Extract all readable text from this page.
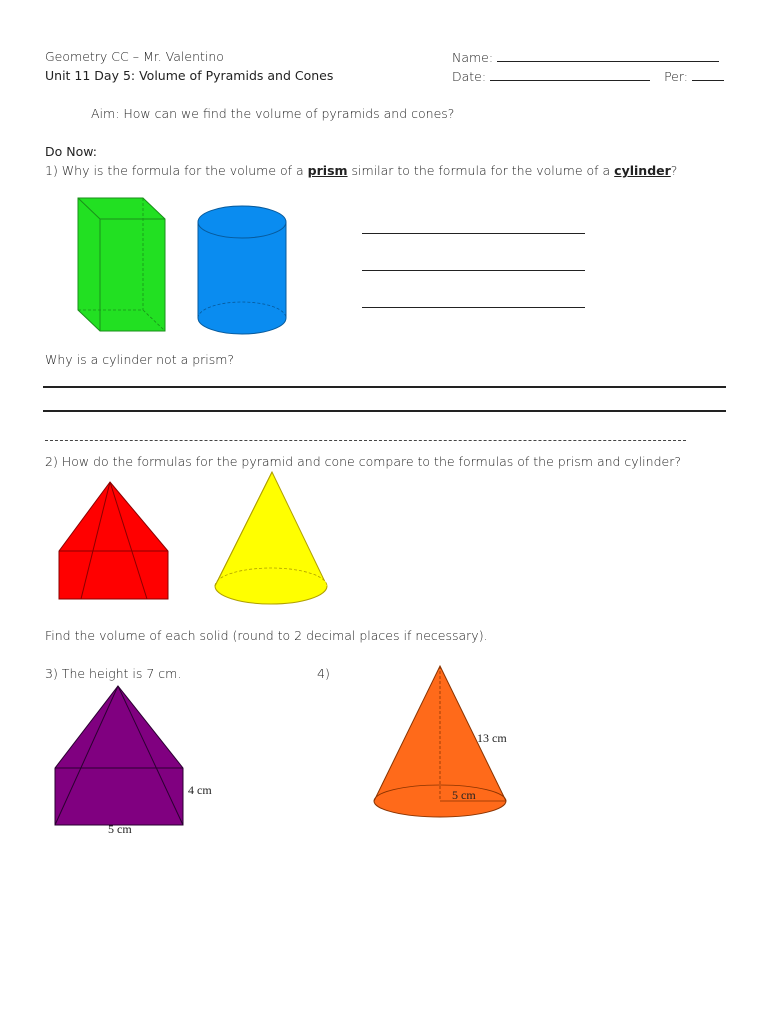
Geometry CC – Mr. Valentino
Unit 11 Day 5: Volume of Pyramids and Cones
Name:
Date:	Per:
Aim: How can we find the volume of pyramids and cones?
Do Now:
1) Why is the formula for the volume of a prism similar to the formula for the volume of a cylinder?
Why is a cylinder not a prism?
2) How do the formulas for the pyramid and cone compare to the formulas of the prism and cylinder?
Find the volume of each solid (round to 2 decimal places if necessary).
3) The height is 7 cm.	4)
4 cm
5 cm
13 cm
5 cm
